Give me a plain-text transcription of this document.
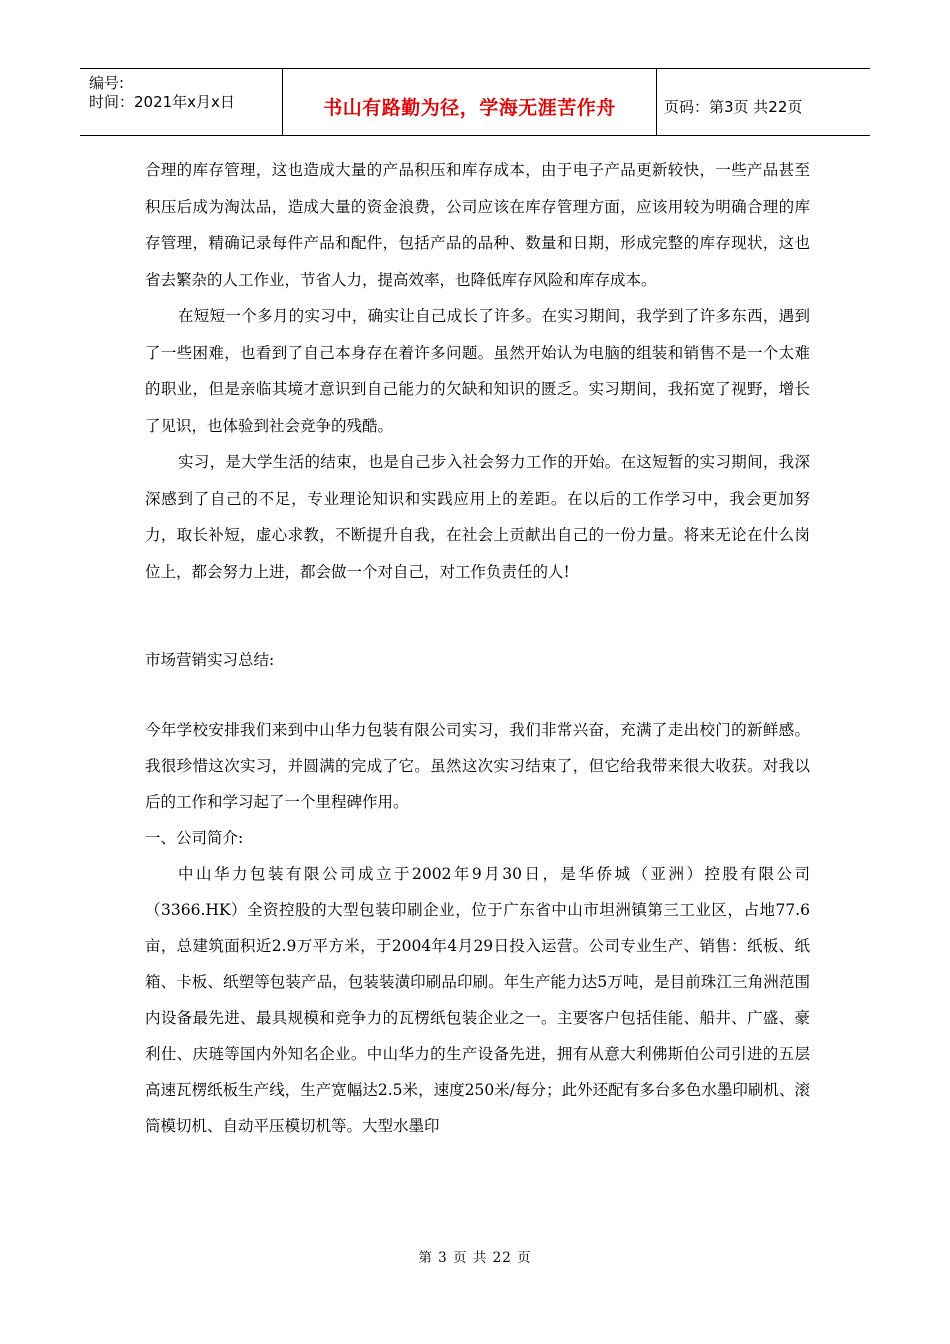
编号:
时间：2021年x月x日	书山有路勤为径，学海无涯苦作舟	页码：第3页 共22页

合理的库存管理，这也造成大量的产品积压和库存成本，由于电子产品更新较快，一些产品甚至积压后成为淘汰品，造成大量的资金浪费，公司应该在库存管理方面，应该用较为明确合理的库存管理，精确记录每件产品和配件，包括产品的品种、数量和日期，形成完整的库存现状，这也省去繁杂的人工作业，节省人力，提高效率，也降低库存风险和库存成本。

在短短一个多月的实习中，确实让自己成长了许多。在实习期间，我学到了许多东西，遇到了一些困难，也看到了自己本身存在着许多问题。虽然开始认为电脑的组装和销售不是一个太难的职业，但是亲临其境才意识到自己能力的欠缺和知识的匮乏。实习期间，我拓宽了视野，增长了见识，也体验到社会竞争的残酷。

实习，是大学生活的结束，也是自己步入社会努力工作的开始。在这短暂的实习期间，我深深感到了自己的不足，专业理论知识和实践应用上的差距。在以后的工作学习中，我会更加努力，取长补短，虚心求教，不断提升自我，在社会上贡献出自己的一份力量。将来无论在什么岗位上，都会努力上进，都会做一个对自己，对工作负责任的人!

市场营销实习总结:

今年学校安排我们来到中山华力包装有限公司实习，我们非常兴奋，充满了走出校门的新鲜感。我很珍惜这次实习，并圆满的完成了它。虽然这次实习结束了，但它给我带来很大收获。对我以后的工作和学习起了一个里程碑作用。

一、公司简介:

中山华力包装有限公司成立于2002年9月30日，是华侨城（亚洲）控股有限公司（3366.HK）全资控股的大型包装印刷企业，位于广东省中山市坦洲镇第三工业区，占地77.6亩，总建筑面积近2.9万平方米，于2004年4月29日投入运营。公司专业生产、销售：纸板、纸箱、卡板、纸塑等包装产品，包装装潢印刷品印刷。年生产能力达5万吨，是目前珠江三角洲范围内设备最先进、最具规模和竞争力的瓦楞纸包装企业之一。主要客户包括佳能、船井、广盛、豪利仕、庆琏等国内外知名企业。中山华力的生产设备先进，拥有从意大利佛斯伯公司引进的五层高速瓦楞纸板生产线，生产宽幅达2.5米，速度250米/每分；此外还配有多台多色水墨印刷机、滚筒模切机、自动平压模切机等。大型水墨印

第 3 页 共 22 页
